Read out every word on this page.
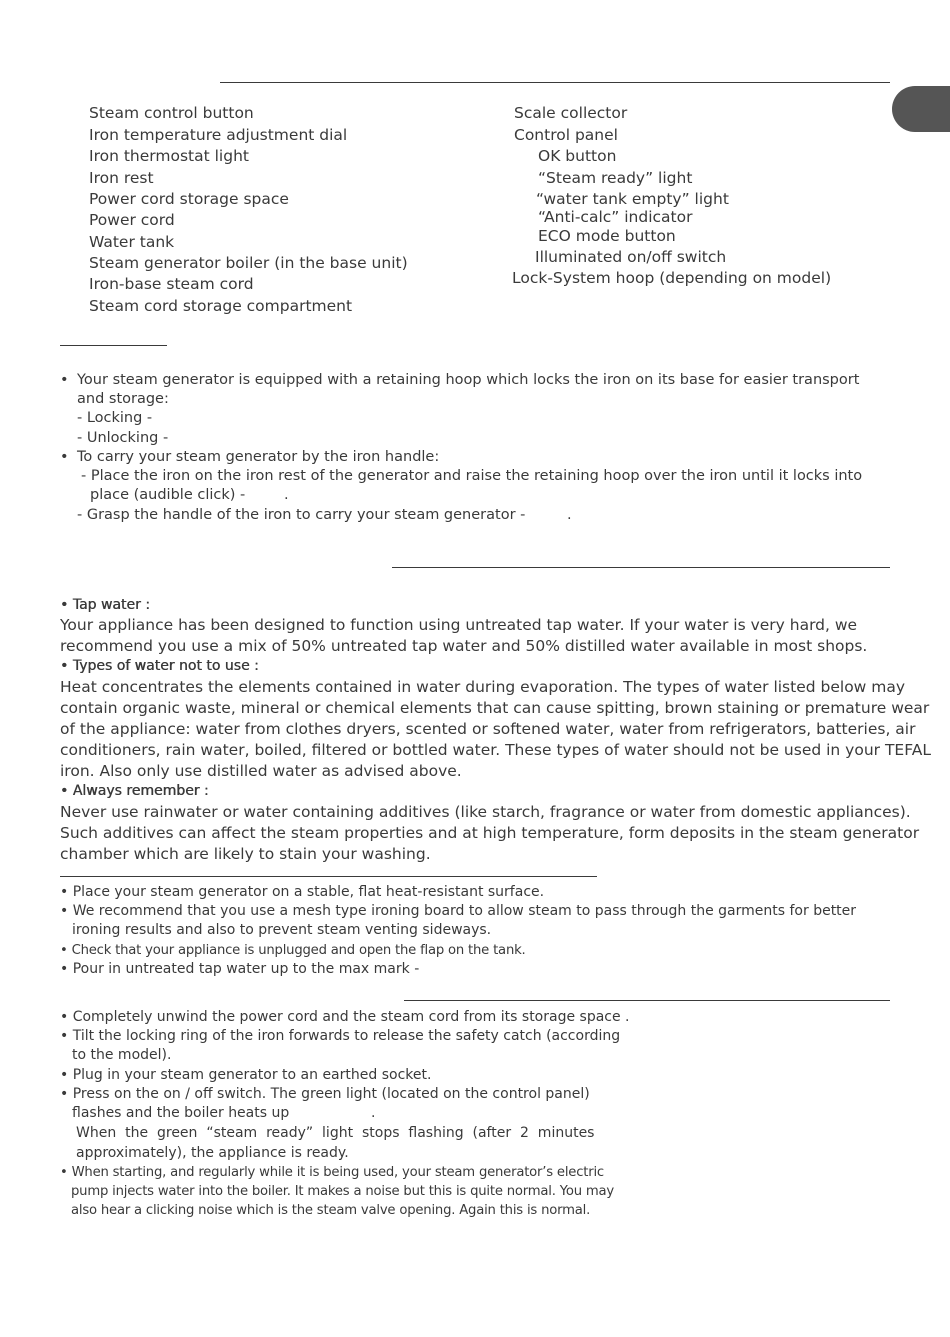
Steam control button
Iron temperature adjustment dial
Iron thermostat light
Iron rest
Power cord storage space
Power cord
Water tank
Steam generator boiler (in the base unit)
Iron-base steam cord
Steam cord storage compartment
Scale collector
Control panel
OK button
“Steam ready” light
“water tank empty” light
“Anti-calc” indicator
ECO mode button
Illuminated on/off switch
Lock-System hoop (depending on model)
• Your steam generator is equipped with a retaining hoop which locks the iron on its base for easier transport
and storage:
- Locking -
- Unlocking -
• To carry your steam generator by the iron handle:
- Place the iron on the iron rest of the generator and raise the retaining hoop over the iron until it locks into
place (audible click) -	.
- Grasp the handle of the iron to carry your steam generator -	.
• Tap water :
Your appliance has been designed to function using untreated tap water. If your water is very hard, we
recommend you use a mix of 50% untreated tap water and 50% distilled water available in most shops.
• Types of water not to use :
Heat concentrates the elements contained in water during evaporation. The types of water listed below may
contain organic waste, mineral or chemical elements that can cause spitting, brown staining or premature wear
of the appliance: water from clothes dryers, scented or softened water, water from refrigerators, batteries, air
conditioners, rain water, boiled, filtered or bottled water. These types of water should not be used in your TEFAL
iron. Also only use distilled water as advised above.
• Always remember :
Never use rainwater or water containing additives (like starch, fragrance or water from domestic appliances).
Such additives can affect the steam properties and at high temperature, form deposits in the steam generator
chamber which are likely to stain your washing.
• Place your steam generator on a stable, flat heat-resistant surface.
• We recommend that you use a mesh type ironing board to allow steam to pass through the garments for better
ironing results and also to prevent steam venting sideways.
• Check that your appliance is unplugged and open the flap on the tank.
• Pour in untreated tap water up to the max mark -
• Completely unwind the power cord and the steam cord from its storage space .
• Tilt the locking ring of the iron forwards to release the safety catch (according
to the model).
• Plug in your steam generator to an earthed socket.
• Press on the on / off switch. The green light (located on the control panel)
flashes and the boiler heats up	.
When  the  green  “steam  ready”  light  stops  flashing  (after  2  minutes
approximately), the appliance is ready.
• When starting, and regularly while it is being used, your steam generator’s electric
pump injects water into the boiler. It makes a noise but this is quite normal. You may
also hear a clicking noise which is the steam valve opening. Again this is normal.
